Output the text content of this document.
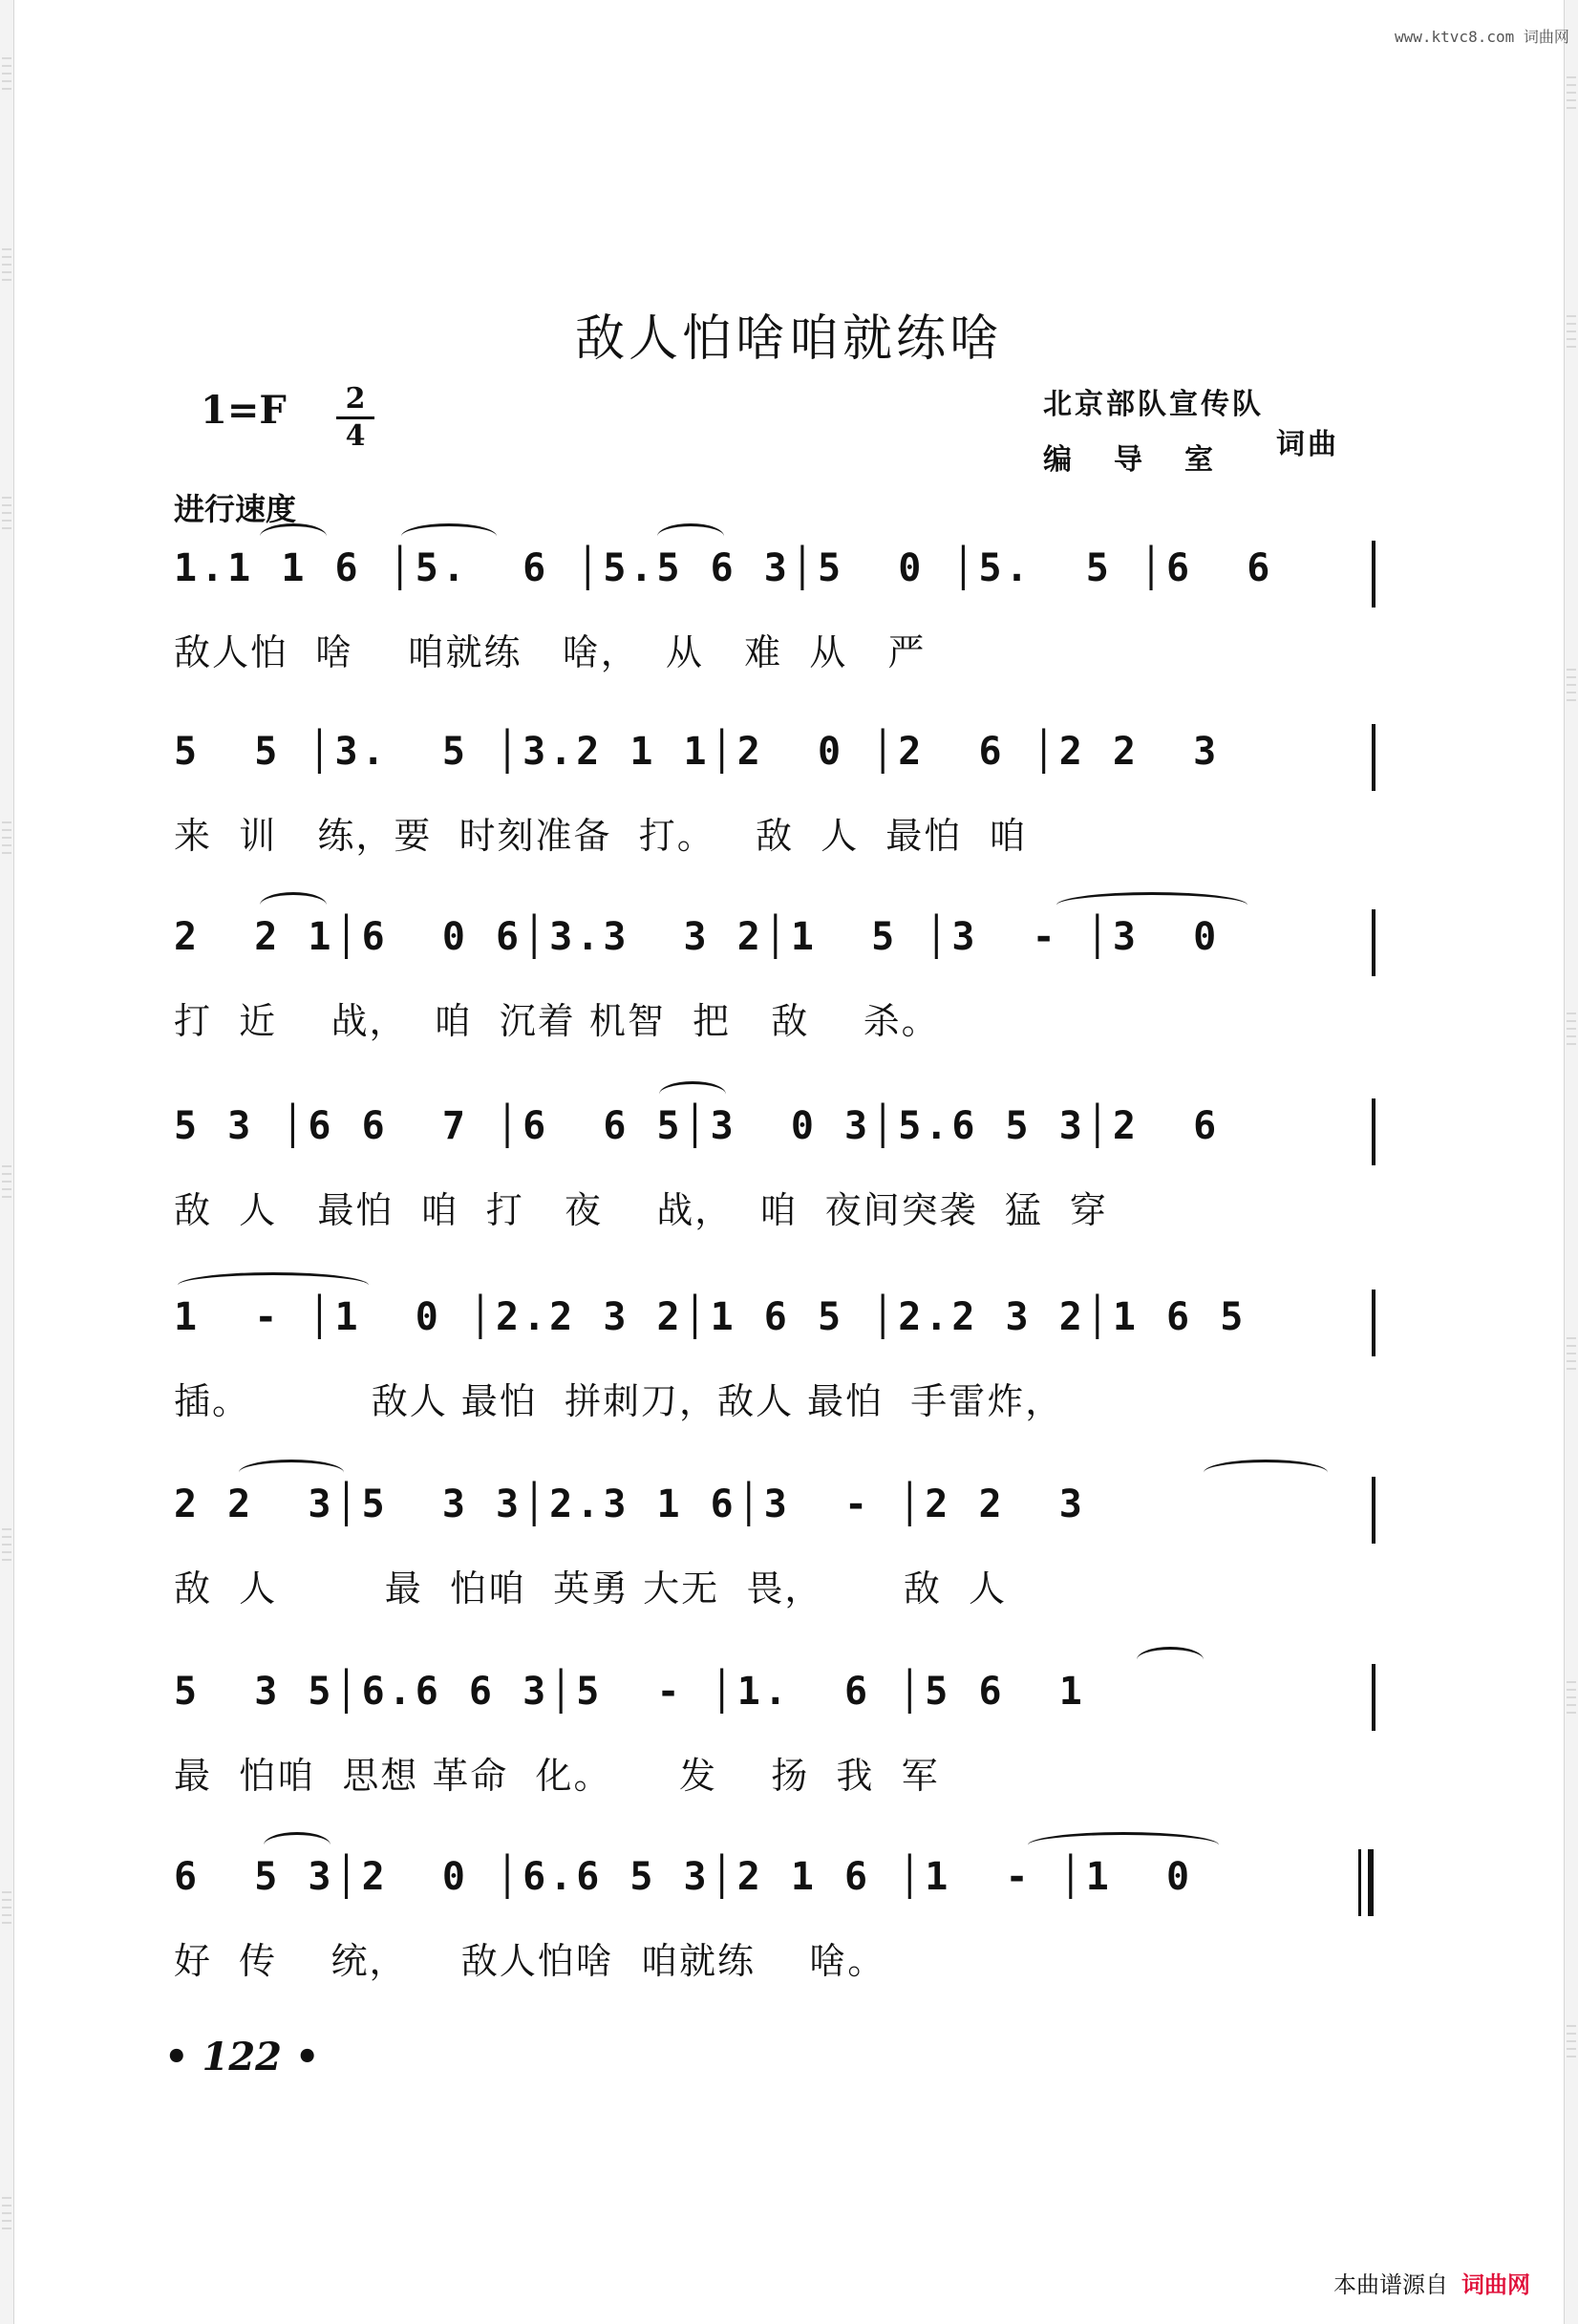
www.ktvc8.com 词曲网
敌人怕啥咱就练啥
1=F	2
4
北京部队宣传队
编导室 词曲
进行速度
1.1 1 6 │5.  6 │5.5 6 3│5  0 │5.  5 │6  6
敌人怕  啥    咱就练   啥，  从   难  从   严
5  5 │3.  5 │3.2 1 1│2  0 │2  6 │2 2  3
来  训   练，要  时刻准备  打。   敌  人  最怕  咱
2  2 1│6  0 6│3.3  3 2│1  5 │3  - │3  0
打  近    战，  咱  沉着 机智  把   敌    杀。
5 3 │6 6  7 │6  6 5│3  0 3│5.6 5 3│2  6
敌  人   最怕  咱  打   夜    战，  咱  夜间突袭  猛  穿
1  - │1  0 │2.2 3 2│1 6 5 │2.2 3 2│1 6 5
插。         敌人 最怕  拼刺刀，敌人 最怕  手雷炸，
2 2  3│5  3 3│2.3 1 6│3  - │2 2  3
敌  人        最  怕咱  英勇 大无  畏，      敌  人
5  3 5│6.6 6 3│5  - │1.  6 │5 6  1
最  怕咱  思想 革命  化。     发    扬  我  军
6  5 3│2  0 │6.6 5 3│2 1 6 │1  - │1  0
好  传    统，    敌人怕啥  咱就练    啥。
• 122 •
本曲谱源自 词曲网
